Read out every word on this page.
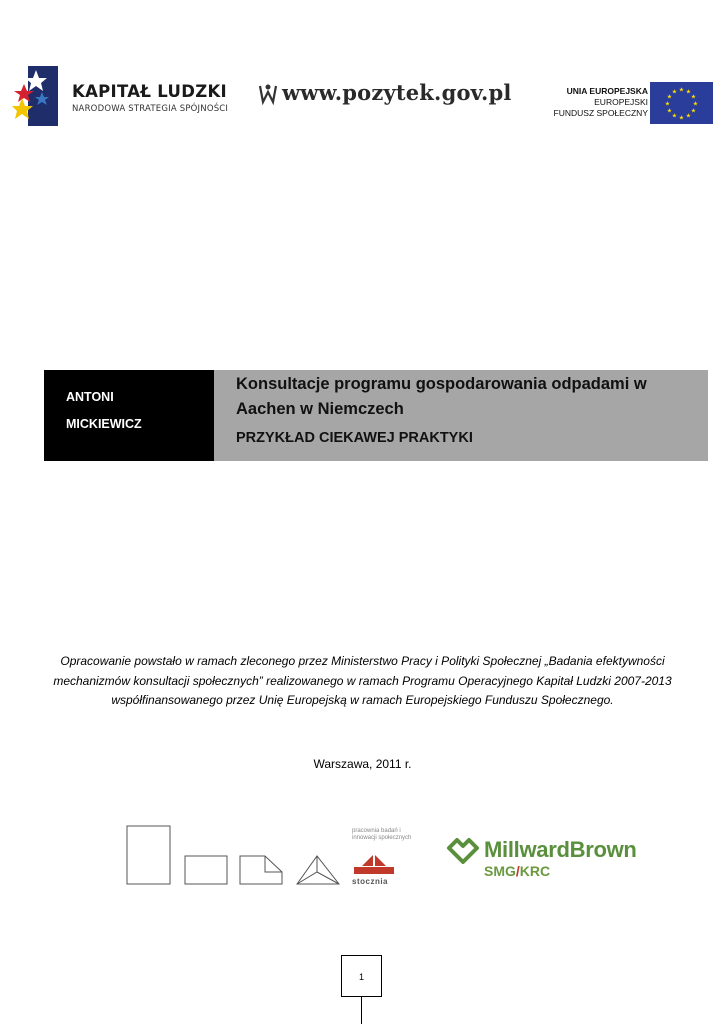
KAPITAŁ LUDZKI
NARODOWA STRATEGIA SPÓJNOŚCI
www.pozytek.gov.pl	UNIA EUROPEJSKA
EUROPEJSKI
FUNDUSZ SPOŁECZNY
★ ★
★
★
★
★
★
★
★
★
★
★
ANTONI
MICKIEWICZ
Konsultacje programu gospodarowania odpadami w Aachen w Niemczech
PRZYKŁAD CIEKAWEJ PRAKTYKI
Opracowanie powstało w ramach zleconego przez Ministerstwo Pracy i Polityki Społecznej „Badania efektywności mechanizmów konsultacji społecznych” realizowanego w ramach Programu Operacyjnego Kapitał Ludzki 2007-2013 współfinansowanego przez Unię Europejską w ramach Europejskiego Funduszu Społecznego.
Warszawa, 2011 r.
pracownia badań i innowacji społecznych
stocznia
MillwardBrown
SMG/KRC
1
